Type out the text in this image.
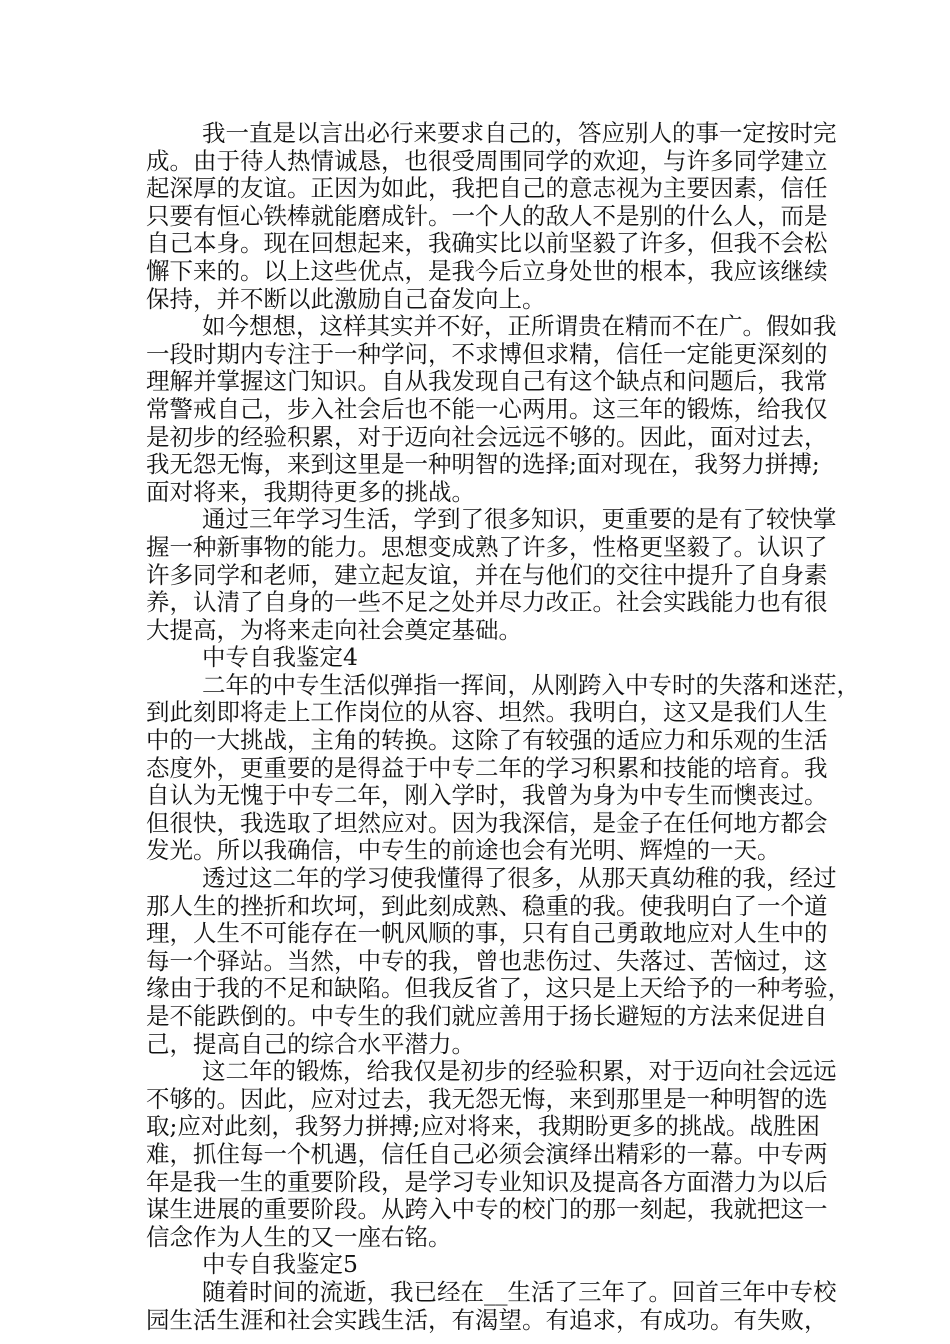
我一直是以言出必行来要求自己的，答应别人的事一定按时完
成。由于待人热情诚恳，也很受周围同学的欢迎，与许多同学建立
起深厚的友谊。正因为如此，我把自己的意志视为主要因素，信任
只要有恒心铁棒就能磨成针。一个人的敌人不是别的什么人，而是
自己本身。现在回想起来，我确实比以前坚毅了许多，但我不会松
懈下来的。以上这些优点，是我今后立身处世的根本，我应该继续
保持，并不断以此激励自己奋发向上。
如今想想，这样其实并不好，正所谓贵在精而不在广。假如我
一段时期内专注于一种学问，不求博但求精，信任一定能更深刻的
理解并掌握这门知识。自从我发现自己有这个缺点和问题后，我常
常警戒自己，步入社会后也不能一心两用。这三年的锻炼，给我仅
是初步的经验积累，对于迈向社会远远不够的。因此，面对过去，
我无怨无悔，来到这里是一种明智的选择;面对现在，我努力拼搏;
面对将来，我期待更多的挑战。
通过三年学习生活，学到了很多知识，更重要的是有了较快掌
握一种新事物的能力。思想变成熟了许多，性格更坚毅了。认识了
许多同学和老师，建立起友谊，并在与他们的交往中提升了自身素
养，认清了自身的一些不足之处并尽力改正。社会实践能力也有很
大提高，为将来走向社会奠定基础。
中专自我鉴定4
二年的中专生活似弹指一挥间，从刚跨入中专时的失落和迷茫，
到此刻即将走上工作岗位的从容、坦然。我明白，这又是我们人生
中的一大挑战，主角的转换。这除了有较强的适应力和乐观的生活
态度外，更重要的是得益于中专二年的学习积累和技能的培育。我
自认为无愧于中专二年，刚入学时，我曾为身为中专生而懊丧过。
但很快，我选取了坦然应对。因为我深信，是金子在任何地方都会
发光。所以我确信，中专生的前途也会有光明、辉煌的一天。
透过这二年的学习使我懂得了很多，从那天真幼稚的我，经过
那人生的挫折和坎坷，到此刻成熟、稳重的我。使我明白了一个道
理，人生不可能存在一帆风顺的事，只有自己勇敢地应对人生中的
每一个驿站。当然，中专的我，曾也悲伤过、失落过、苦恼过，这
缘由于我的不足和缺陷。但我反省了，这只是上天给予的一种考验，
是不能跌倒的。中专生的我们就应善用于扬长避短的方法来促进自
己，提高自己的综合水平潜力。
这二年的锻炼，给我仅是初步的经验积累，对于迈向社会远远
不够的。因此，应对过去，我无怨无悔，来到那里是一种明智的选
取;应对此刻，我努力拼搏;应对将来，我期盼更多的挑战。战胜困
难，抓住每一个机遇，信任自己必须会演绎出精彩的一幕。中专两
年是我一生的重要阶段，是学习专业知识及提高各方面潜力为以后
谋生进展的重要阶段。从跨入中专的校门的那一刻起，我就把这一
信念作为人生的又一座右铭。
中专自我鉴定5
随着时间的流逝，我已经在__生活了三年了。回首三年中专校
园生活生涯和社会实践生活，有渴望。有追求，有成功。有失败，
